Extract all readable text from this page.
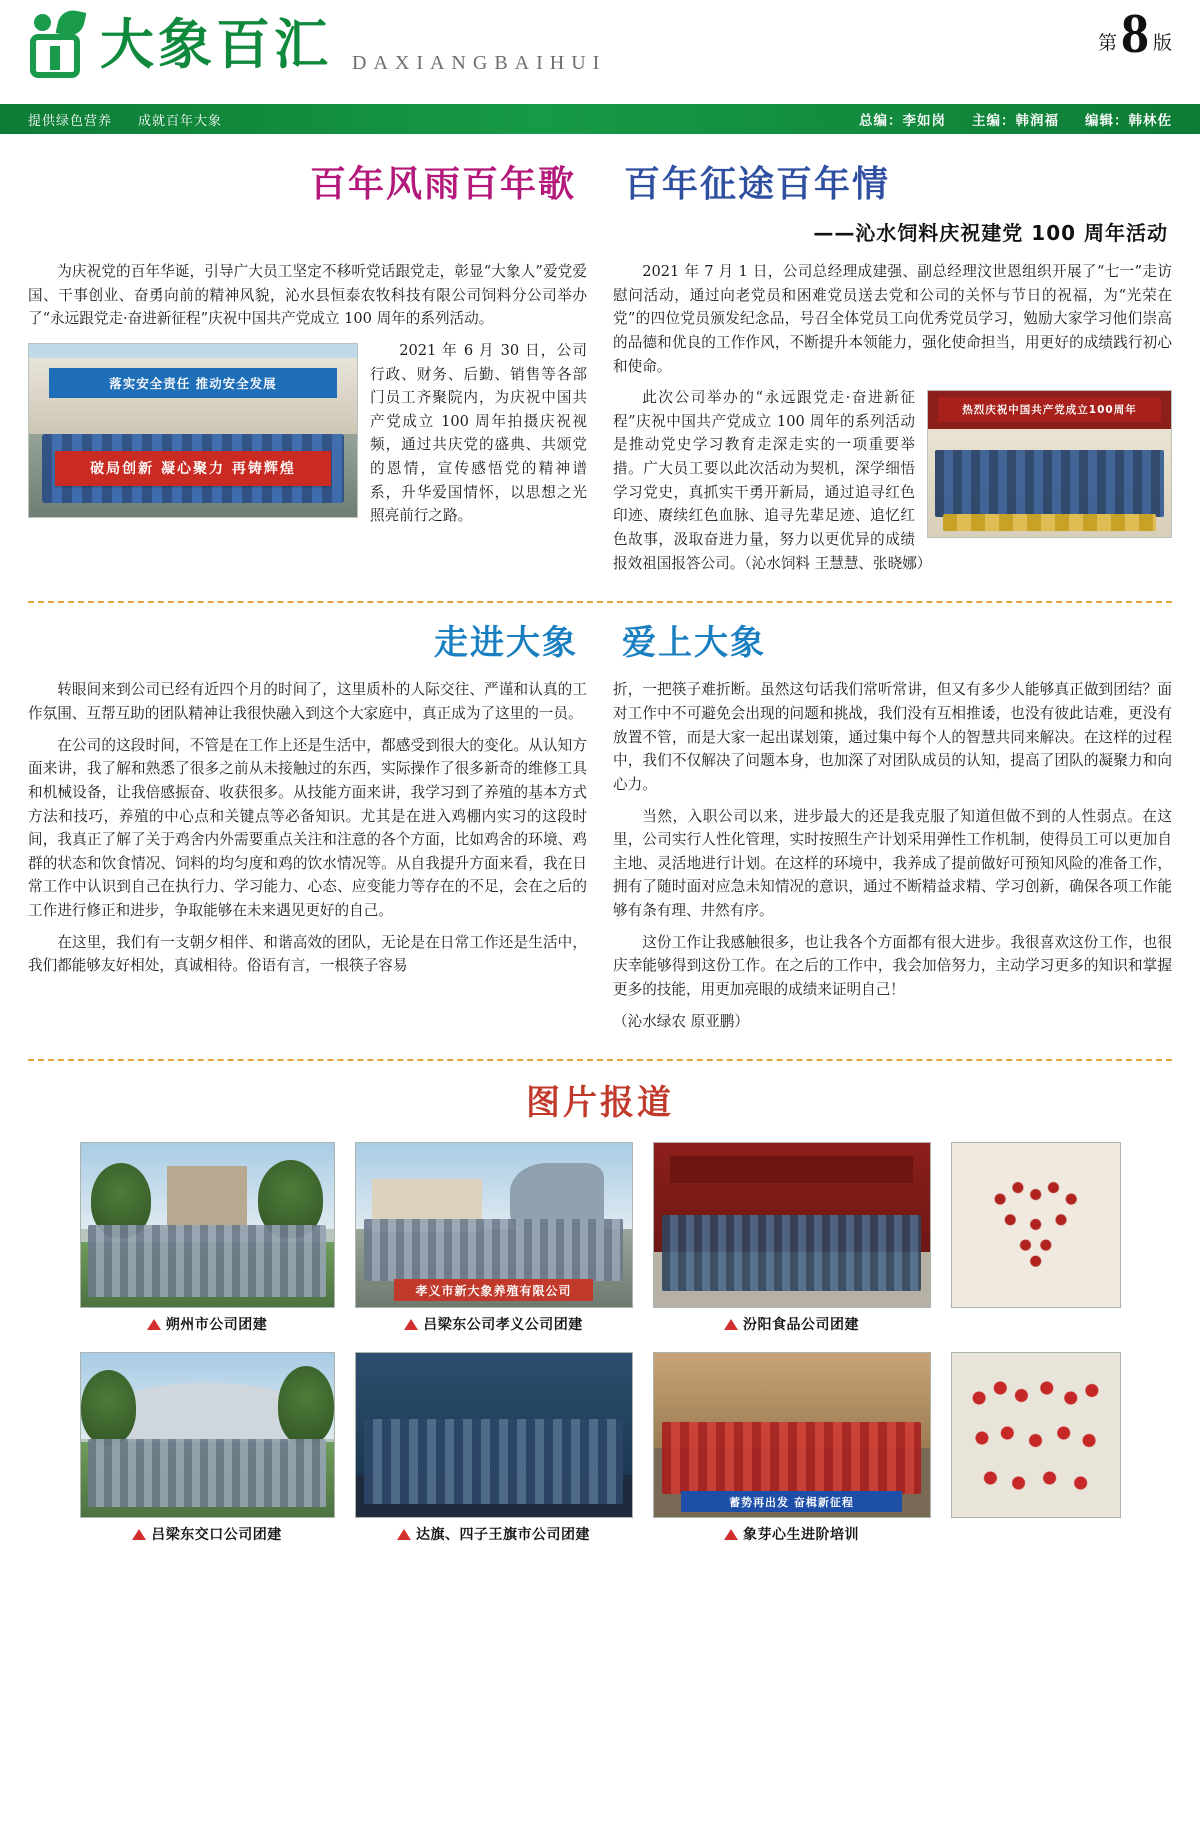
大象百汇 DAXIANGBAIHUI
第 8 版
提供绿色营养 成就百年大象	总编：李如岗 主编：韩润福 编辑：韩林佐
百年风雨百年歌 百年征途百年情
——沁水饲料庆祝建党 100 周年活动

为庆祝党的百年华诞，引导广大员工坚定不移听党话跟党走，彰显“大象人”爱党爱国、干事创业、奋勇向前的精神风貌，沁水县恒泰农牧科技有限公司饲料分公司举办了“永远跟党走·奋进新征程”庆祝中国共产党成立 100 周年的系列活动。

落实安全责任 推动安全发展
破局创新 凝心聚力 再铸辉煌

2021 年 6 月 30 日，公司行政、财务、后勤、销售等各部门员工齐聚院内，为庆祝中国共产党成立 100 周年拍摄庆祝视频，通过共庆党的盛典、共颂党的恩情，宣传感悟党的精神谱系，升华爱国情怀，以思想之光照亮前行之路。

2021 年 7 月 1 日，公司总经理成建强、副总经理汶世恩组织开展了“七一”走访慰问活动，通过向老党员和困难党员送去党和公司的关怀与节日的祝福，为“光荣在党”的四位党员颁发纪念品，号召全体党员工向优秀党员学习，勉励大家学习他们崇高的品德和优良的工作作风，不断提升本领能力，强化使命担当，用更好的成绩践行初心和使命。

热烈庆祝中国共产党成立100周年

此次公司举办的“永远跟党走·奋进新征程”庆祝中国共产党成立 100 周年的系列活动是推动党史学习教育走深走实的一项重要举措。广大员工要以此次活动为契机，深学细悟学习党史，真抓实干勇开新局，通过追寻红色印迹、赓续红色血脉、追寻先辈足迹、追忆红色故事，汲取奋进力量，努力以更优异的成绩报效祖国报答公司。（沁水饲料 王慧慧、张晓娜）

走进大象 爱上大象

转眼间来到公司已经有近四个月的时间了，这里质朴的人际交往、严谨和认真的工作氛围、互帮互助的团队精神让我很快融入到这个大家庭中，真正成为了这里的一员。

在公司的这段时间，不管是在工作上还是生活中，都感受到很大的变化。从认知方面来讲，我了解和熟悉了很多之前从未接触过的东西，实际操作了很多新奇的维修工具和机械设备，让我倍感振奋、收获很多。从技能方面来讲，我学习到了养殖的基本方式方法和技巧，养殖的中心点和关键点等必备知识。尤其是在进入鸡棚内实习的这段时间，我真正了解了关于鸡舍内外需要重点关注和注意的各个方面，比如鸡舍的环境、鸡群的状态和饮食情况、饲料的均匀度和鸡的饮水情况等。从自我提升方面来看，我在日常工作中认识到自己在执行力、学习能力、心态、应变能力等存在的不足，会在之后的工作进行修正和进步，争取能够在未来遇见更好的自己。

在这里，我们有一支朝夕相伴、和谐高效的团队，无论是在日常工作还是生活中，我们都能够友好相处，真诚相待。俗语有言，一根筷子容易

折，一把筷子难折断。虽然这句话我们常听常讲，但又有多少人能够真正做到团结？面对工作中不可避免会出现的问题和挑战，我们没有互相推诿，也没有彼此诘难，更没有放置不管，而是大家一起出谋划策，通过集中每个人的智慧共同来解决。在这样的过程中，我们不仅解决了问题本身，也加深了对团队成员的认知，提高了团队的凝聚力和向心力。

当然，入职公司以来，进步最大的还是我克服了知道但做不到的人性弱点。在这里，公司实行人性化管理，实时按照生产计划采用弹性工作机制，使得员工可以更加自主地、灵活地进行计划。在这样的环境中，我养成了提前做好可预知风险的准备工作，拥有了随时面对应急未知情况的意识，通过不断精益求精、学习创新，确保各项工作能够有条有理、井然有序。

这份工作让我感触很多，也让我各个方面都有很大进步。我很喜欢这份工作，也很庆幸能够得到这份工作。在之后的工作中，我会加倍努力，主动学习更多的知识和掌握更多的技能，用更加亮眼的成绩来证明自己！

（沁水绿农 原亚鹏）

图片报道
朔州市公司团建
孝义市新大象养殖有限公司
吕梁东公司孝义公司团建	汾阳食品公司团建
吕梁东交口公司团建	达旗、四子王旗市公司团建
蓄势再出发 奋楫新征程
象芽心生进阶培训
